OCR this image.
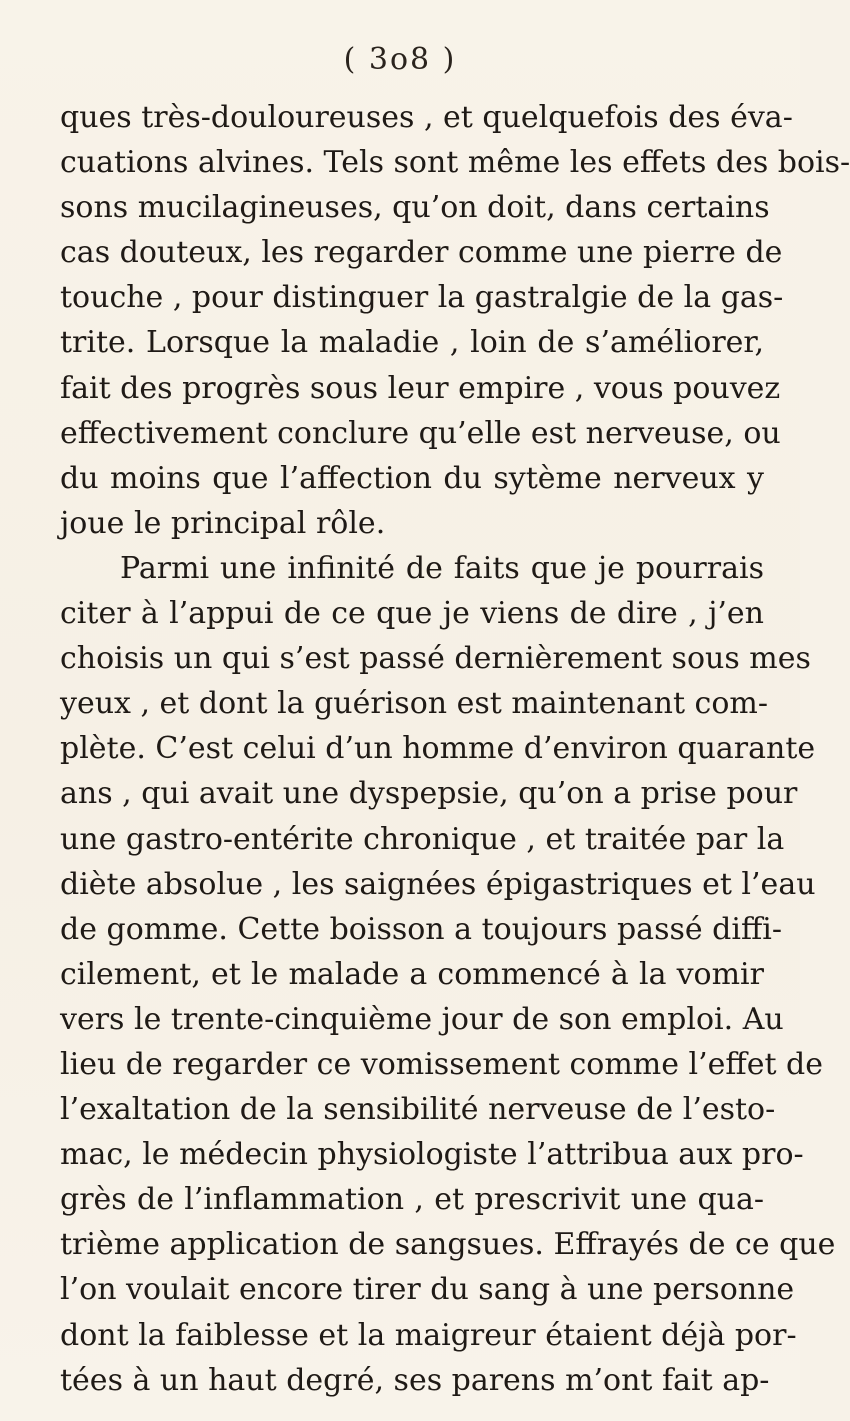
( 3o8 )
ques très-douloureuses , et quelquefois des éva-
cuations alvines. Tels sont même les effets des bois-
sons mucilagineuses, qu’on doit, dans certains
cas douteux, les regarder comme une pierre de
touche , pour distinguer la gastralgie de la gas-
trite. Lorsque la maladie , loin de s’améliorer,
fait des progrès sous leur empire , vous pouvez
effectivement conclure qu’elle est nerveuse, ou
du moins que l’affection du sytème nerveux y
joue le principal rôle.
Parmi une infinité de faits que je pourrais
citer à l’appui de ce que je viens de dire , j’en
choisis un qui s’est passé dernièrement sous mes
yeux , et dont la guérison est maintenant com-
plète. C’est celui d’un homme d’environ quarante
ans , qui avait une dyspepsie, qu’on a prise pour
une gastro-entérite chronique , et traitée par la
diète absolue , les saignées épigastriques et l’eau
de gomme. Cette boisson a toujours passé diffi-
cilement, et le malade a commencé à la vomir
vers le trente-cinquième jour de son emploi. Au
lieu de regarder ce vomissement comme l’effet de
l’exaltation de la sensibilité nerveuse de l’esto-
mac, le médecin physiologiste l’attribua aux pro-
grès de l’inflammation , et prescrivit une qua-
trième application de sangsues. Effrayés de ce que
l’on voulait encore tirer du sang à une personne
dont la faiblesse et la maigreur étaient déjà por-
tées à un haut degré, ses parens m’ont fait ap-
